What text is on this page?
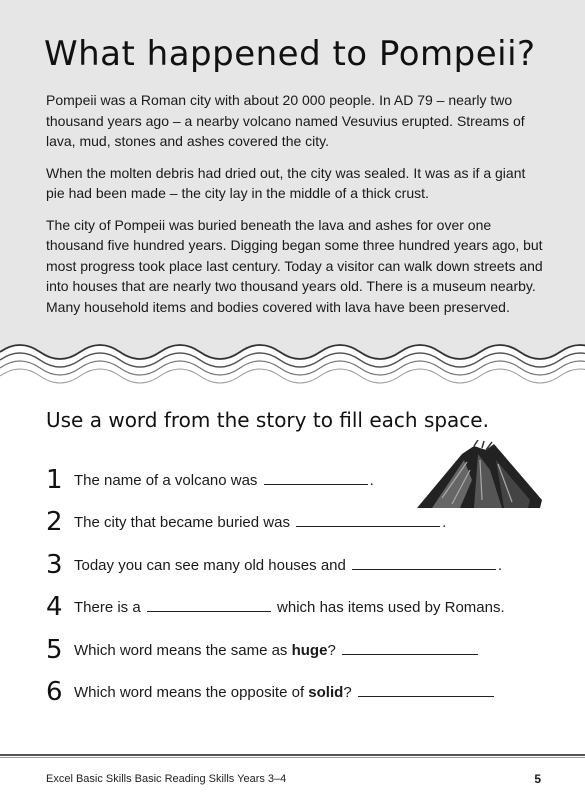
What happened to Pompeii?

Pompeii was a Roman city with about 20 000 people. In AD 79 – nearly two thousand years ago – a nearby volcano named Vesuvius erupted. Streams of lava, mud, stones and ashes covered the city.

When the molten debris had dried out, the city was sealed. It was as if a giant pie had been made – the city lay in the middle of a thick crust.

The city of Pompeii was buried beneath the lava and ashes for over one thousand five hundred years. Digging began some three hundred years ago, but most progress took place last century. Today a visitor can walk down streets and into houses that are nearly two thousand years old. There is a museum nearby. Many household items and bodies covered with lava have been preserved.

Use a word from the story to fill each space.
1 The name of a volcano was	.
2 The city that became buried was	.
3 Today you can see many old houses and	.
4 There is a	which has items used by Romans.
5 Which word means the same as huge?
6 Which word means the opposite of solid?
Excel Basic Skills Basic Reading Skills Years 3–4	5
